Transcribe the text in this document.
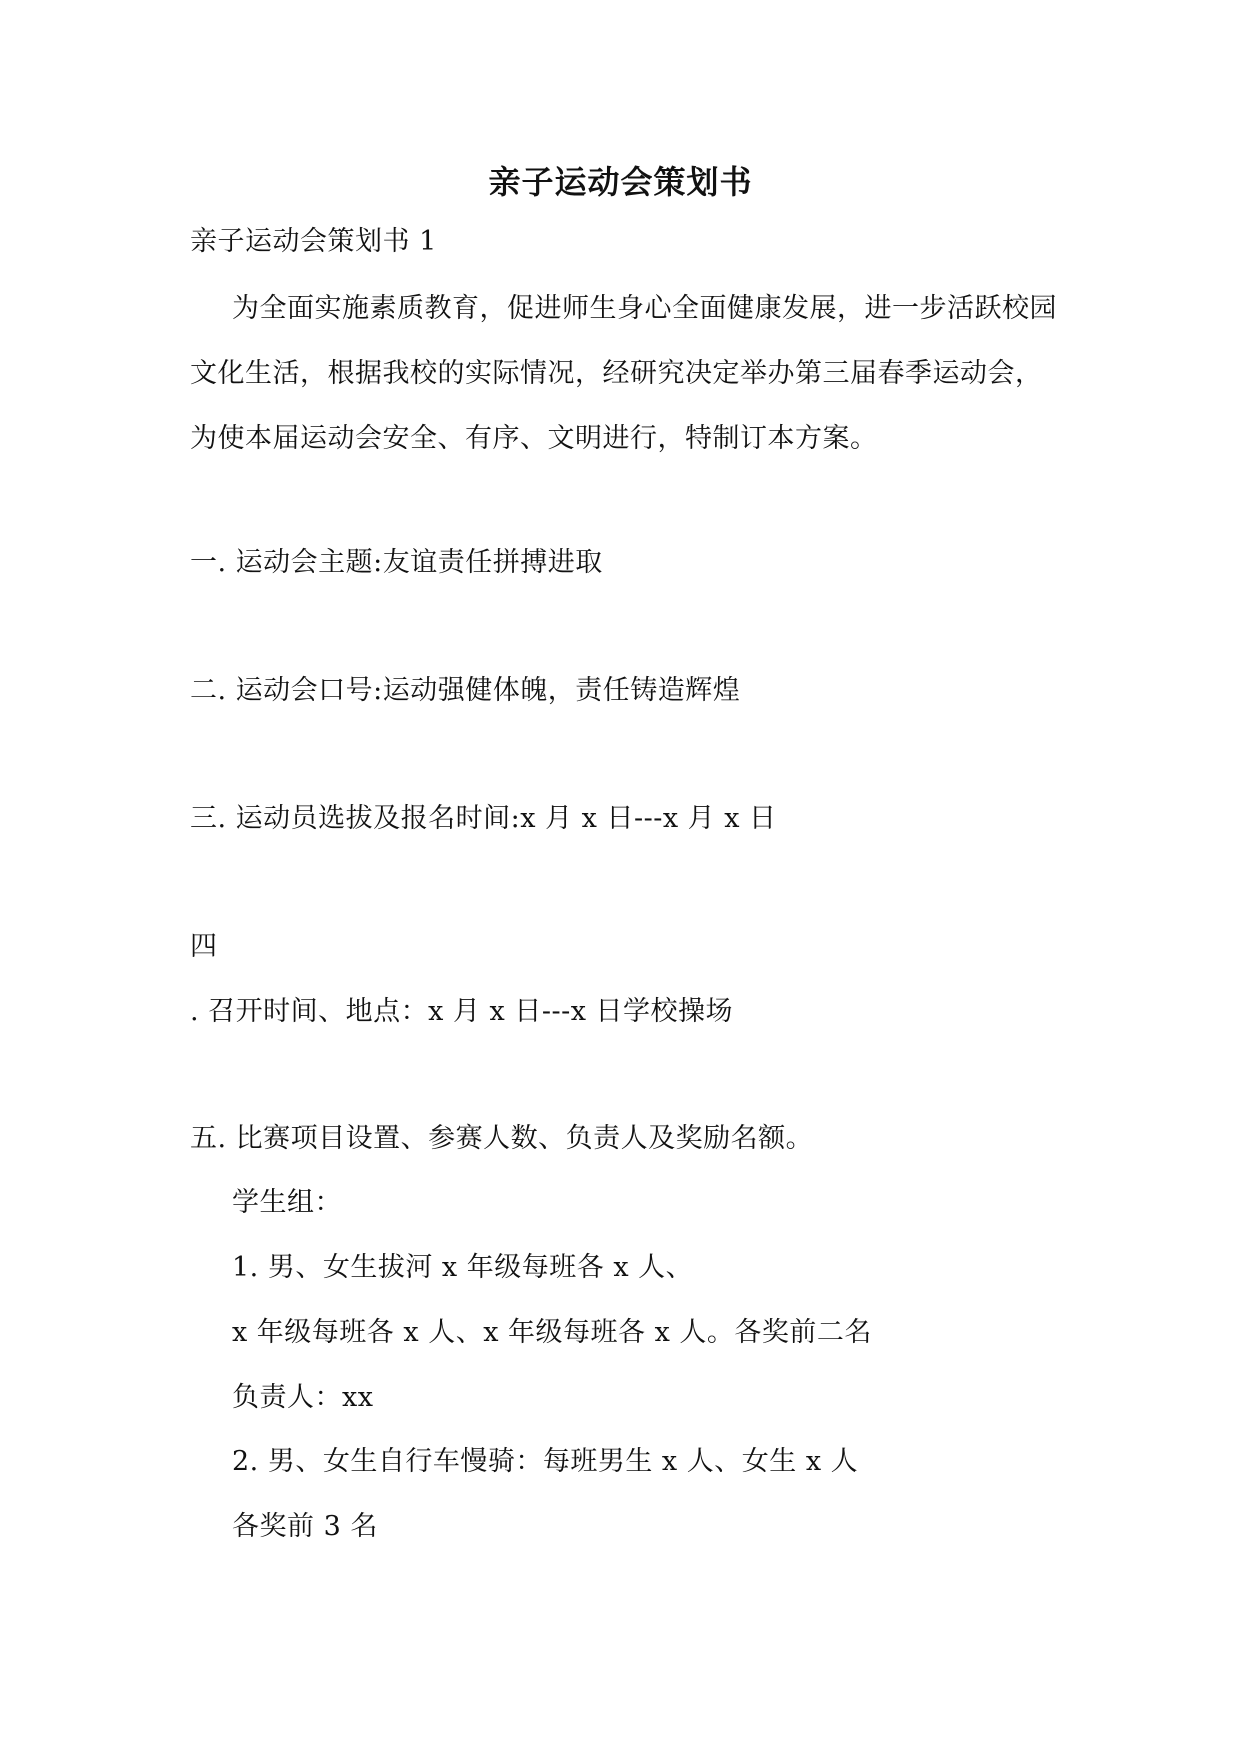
亲子运动会策划书
亲子运动会策划书 1
为全面实施素质教育，促进师生身心全面健康发展，进一步活跃校园文化生活，根据我校的实际情况，经研究决定举办第三届春季运动会，为使本届运动会安全、有序、文明进行，特制订本方案。
一. 运动会主题:友谊责任拼搏进取
二. 运动会口号:运动强健体魄，责任铸造辉煌
三. 运动员选拔及报名时间:x 月 x 日---x 月 x 日
四
. 召开时间、地点：x 月 x 日---x 日学校操场
五. 比赛项目设置、参赛人数、负责人及奖励名额。
学生组：
1. 男、女生拔河 x 年级每班各 x 人、
x 年级每班各 x 人、x 年级每班各 x 人。各奖前二名
负责人：xx
2. 男、女生自行车慢骑：每班男生 x 人、女生 x 人
各奖前 3 名
